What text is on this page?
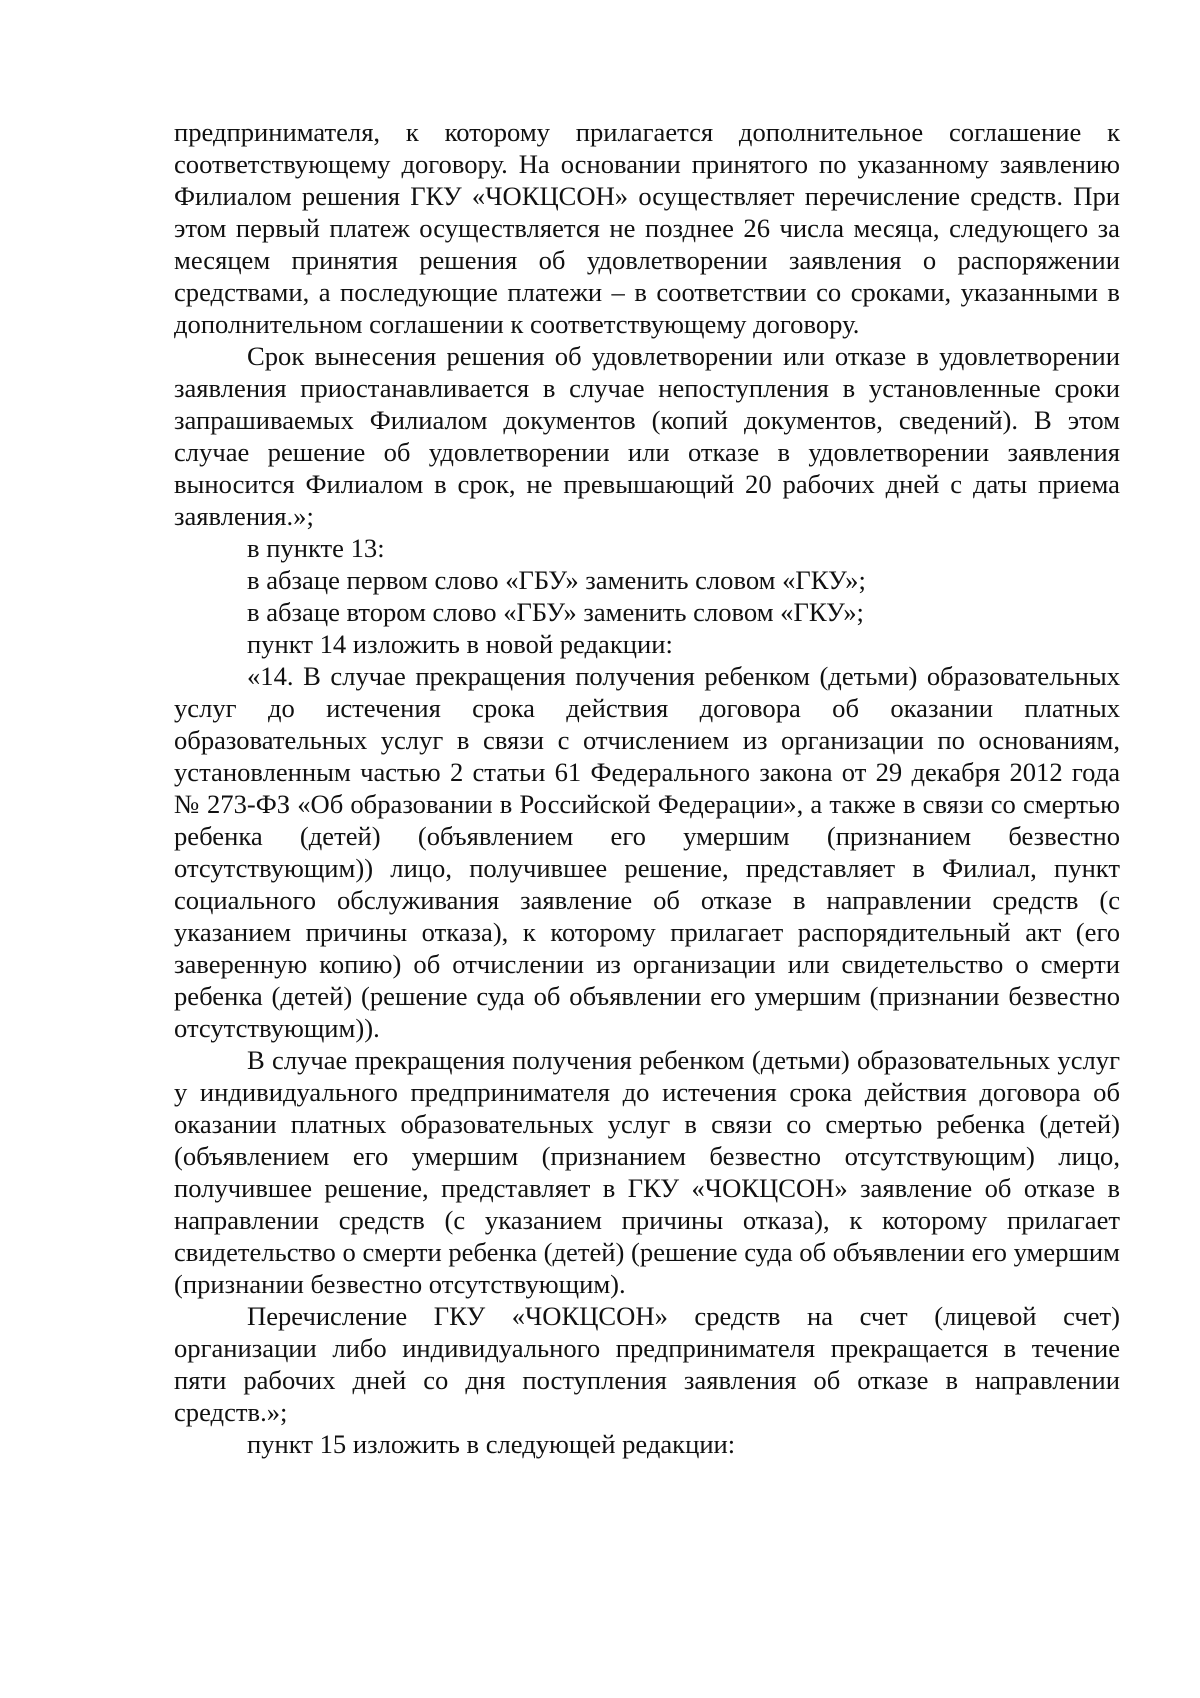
предпринимателя, к которому прилагается дополнительное соглашение к соответствующему договору. На основании принятого по указанному заявлению Филиалом решения ГКУ «ЧОКЦСОН» осуществляет перечисление средств. При этом первый платеж осуществляется не позднее 26 числа месяца, следующего за месяцем принятия решения об удовлетворении заявления о распоряжении средствами, а последующие платежи – в соответствии со сроками, указанными в дополнительном соглашении к соответствующему договору.

Срок вынесения решения об удовлетворении или отказе в удовлетворении заявления приостанавливается в случае непоступления в установленные сроки запрашиваемых Филиалом документов (копий документов, сведений). В этом случае решение об удовлетворении или отказе в удовлетворении заявления выносится Филиалом в срок, не превышающий 20 рабочих дней с даты приема заявления.»;

в пункте 13:

в абзаце первом слово «ГБУ» заменить словом «ГКУ»;

в абзаце втором слово «ГБУ» заменить словом «ГКУ»;

пункт 14 изложить в новой редакции:

«14. В случае прекращения получения ребенком (детьми) образовательных услуг до истечения срока действия договора об оказании платных образовательных услуг в связи с отчислением из организации по основаниям, установленным частью 2 статьи 61 Федерального закона от 29 декабря 2012 года № 273-ФЗ «Об образовании в Российской Федерации», а также в связи со смертью ребенка (детей) (объявлением его умершим (признанием безвестно отсутствующим)) лицо, получившее решение, представляет в Филиал, пункт социального обслуживания заявление об отказе в направлении средств (с указанием причины отказа), к которому прилагает распорядительный акт (его заверенную копию) об отчислении из организации или свидетельство о смерти ребенка (детей) (решение суда об объявлении его умершим (признании безвестно отсутствующим)).

В случае прекращения получения ребенком (детьми) образовательных услуг у индивидуального предпринимателя до истечения срока действия договора об оказании платных образовательных услуг в связи со смертью ребенка (детей) (объявлением его умершим (признанием безвестно отсутствующим) лицо, получившее решение, представляет в ГКУ «ЧОКЦСОН» заявление об отказе в направлении средств (с указанием причины отказа), к которому прилагает свидетельство о смерти ребенка (детей) (решение суда об объявлении его умершим (признании безвестно отсутствующим).

Перечисление ГКУ «ЧОКЦСОН» средств на счет (лицевой счет) организации либо индивидуального предпринимателя прекращается в течение пяти рабочих дней со дня поступления заявления об отказе в направлении средств.»;

пункт 15 изложить в следующей редакции:
